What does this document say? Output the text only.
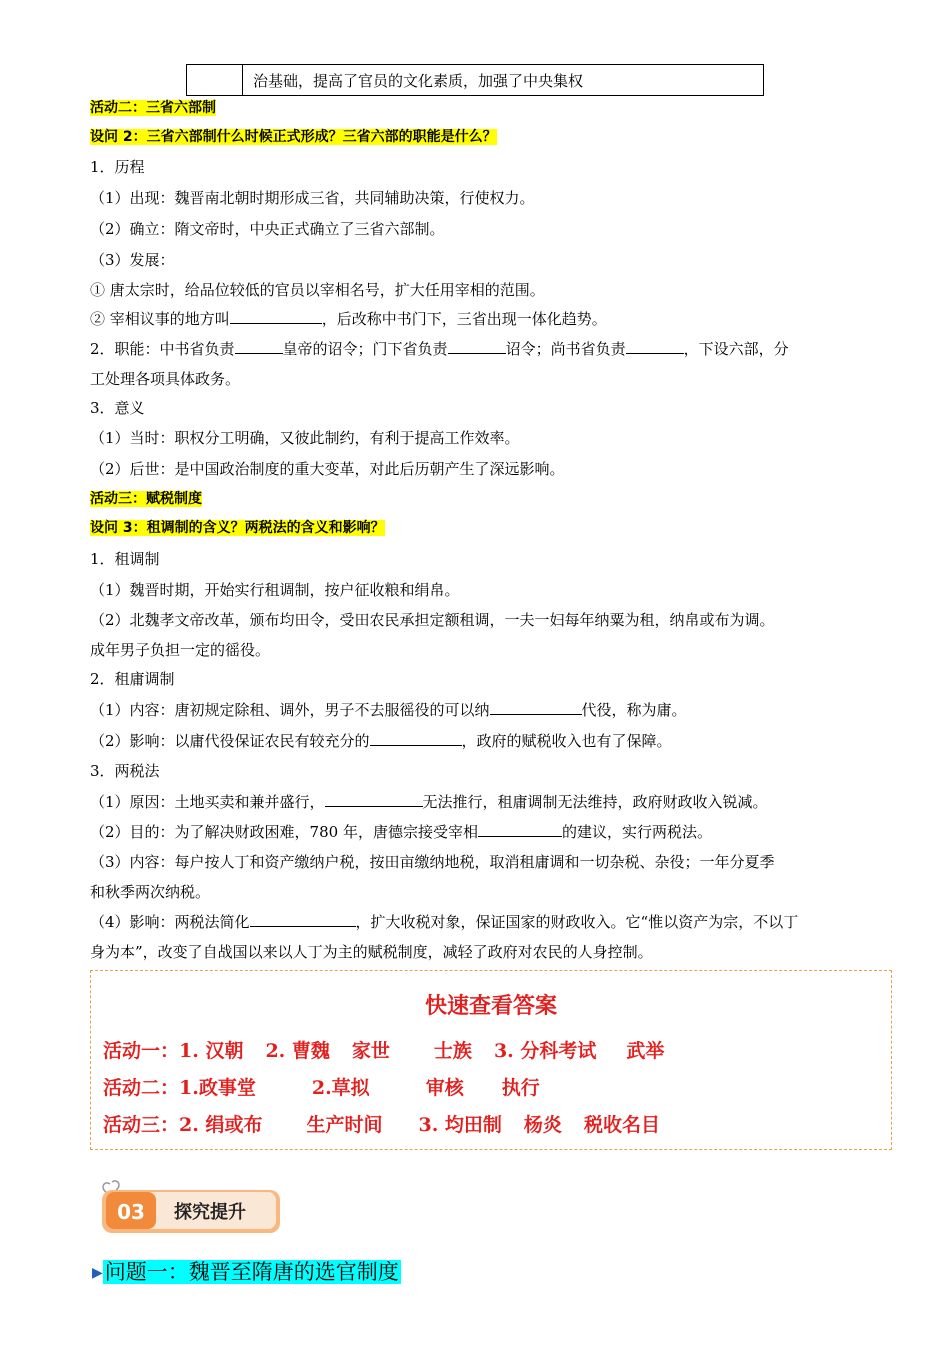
	治基础，提高了官员的文化素质，加强了中央集权
活动二：三省六部制
设问 2：三省六部制什么时候正式形成？三省六部的职能是什么？
1．历程
（1）出现：魏晋南北朝时期形成三省，共同辅助决策，行使权力。
（2）确立：隋文帝时，中央正式确立了三省六部制。
（3）发展：
① 唐太宗时，给品位较低的官员以宰相名号，扩大任用宰相的范围。
② 宰相议事的地方叫	，后改称中书门下，三省出现一体化趋势。
2．职能：中书省负责	皇帝的诏令；门下省负责	诏令；尚书省负责	，下设六部，分
工处理各项具体政务。
3．意义
（1）当时：职权分工明确，又彼此制约，有利于提高工作效率。
（2）后世：是中国政治制度的重大变革，对此后历朝产生了深远影响。
活动三：赋税制度
设问 3：租调制的含义？两税法的含义和影响？
1．租调制
（1）魏晋时期，开始实行租调制，按户征收粮和绢帛。
（2）北魏孝文帝改革，颁布均田令，受田农民承担定额租调，一夫一妇每年纳粟为租，纳帛或布为调。
成年男子负担一定的徭役。
2．租庸调制
（1）内容：唐初规定除租、调外，男子不去服徭役的可以纳	代役，称为庸。
（2）影响：以庸代役保证农民有较充分的	，政府的赋税收入也有了保障。
3．两税法
（1）原因：土地买卖和兼并盛行，	无法推行，租庸调制无法维持，政府财政收入锐减。
（2）目的：为了解决财政困难，780 年，唐德宗接受宰相	的建议，实行两税法。
（3）内容：每户按人丁和资产缴纳户税，按田亩缴纳地税，取消租庸调和一切杂税、杂役；一年分夏季
和秋季两次纳税。
（4）影响：两税法简化	，扩大收税对象，保证国家的财政收入。它“惟以资产为宗，不以丁
身为本”，改变了自战国以来以人丁为主的赋税制度，减轻了政府对农民的人身控制。
快速查看答案
活动一：1. 汉朝 2. 曹魏 家世 士族 3. 分科考试 武举
活动二：1.政事堂	2.草拟	审核 执行
活动三：2. 绢或布 生产时间 3. 均田制 杨炎 税收名目
03 探究提升
▶问题一：魏晋至隋唐的选官制度
